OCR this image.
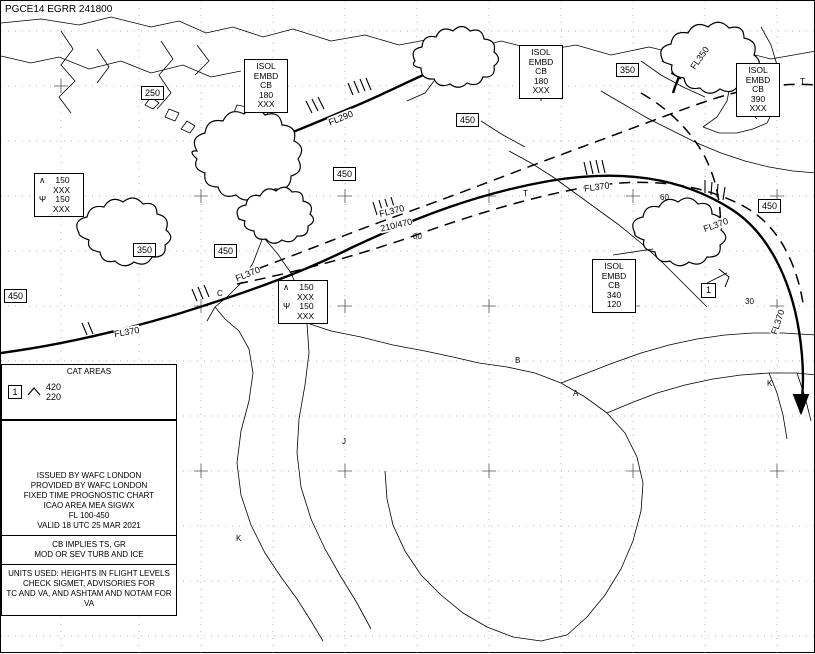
PGCE14 EGRR 241800
250
350
450
450
450
350	450
450
ISOL
EMBD
CB
180
XXX
ISOL
EMBD
CB
180
XXX
ISOL
EMBD
CB
390
XXX
ISOL
EMBD
CB
340
120
∧ 150
XXX
Ψ 150
XXX
∧ 150
XXX
Ψ 150
XXX
FL290
FL370
210/470
FL370
FL370
FL350
FL370
FL370
FL370
60
30
80
1
T
T
C
B
A
K
K
J
CAT AREAS
1	420
220
ISSUED BY WAFC LONDON
PROVIDED BY WAFC LONDON
FIXED TIME PROGNOSTIC CHART
ICAO AREA MEA SIGWX
FL 100-450
VALID 18 UTC 25 MAR 2021
CB IMPLIES TS, GR
MOD OR SEV TURB AND ICE
UNITS USED: HEIGHTS IN FLIGHT LEVELS
CHECK SIGMET, ADVISORIES FOR
TC AND VA, AND ASHTAM AND NOTAM FOR VA
